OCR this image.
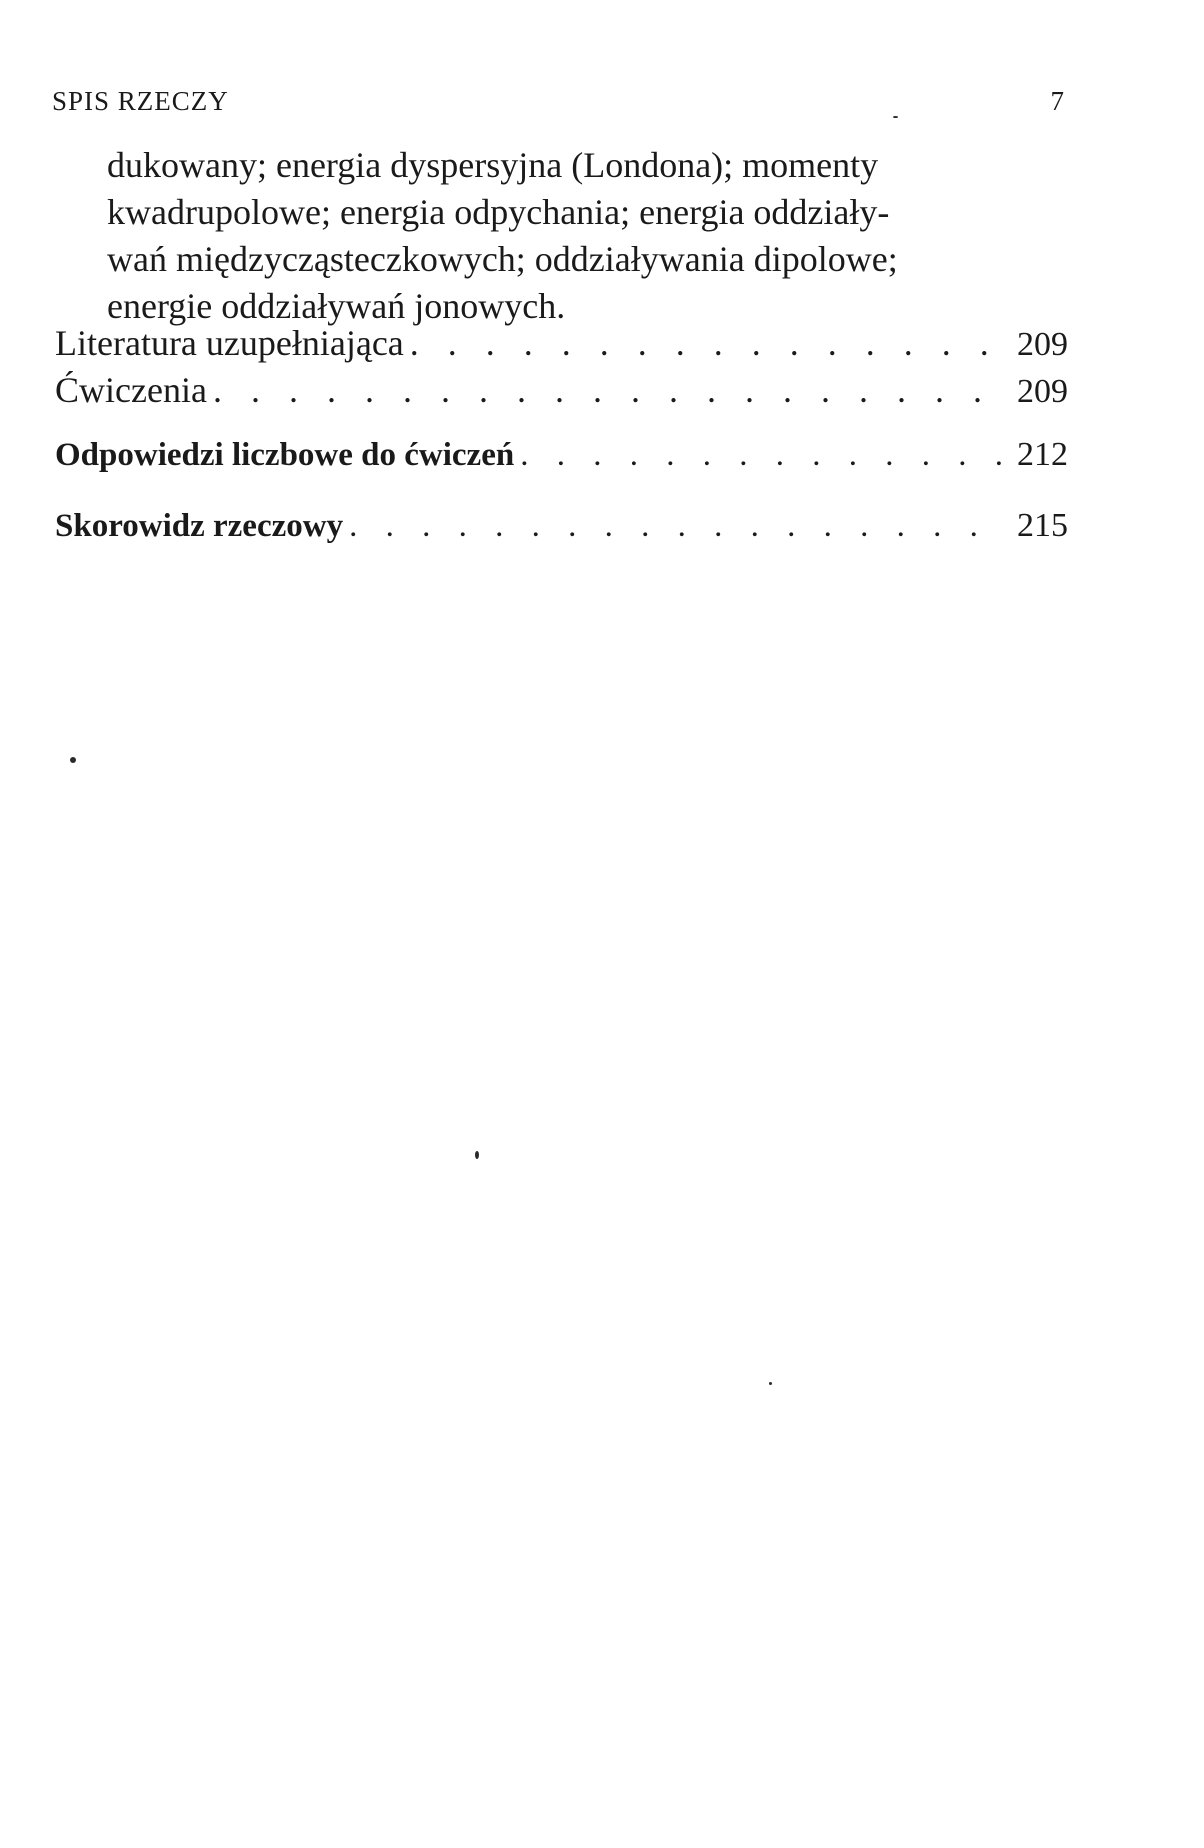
SPIS RZECZY	7

dukowany; energia dyspersyjna (Londona); momenty
kwadrupolowe; energia odpychania; energia oddziały-
wań międzycząsteczkowych; oddziaływania dipolowe;
energie oddziaływań jonowych.

Literatura uzupełniająca . . .	209
Ćwiczenia . . .	209
Odpowiedzi liczbowe do ćwiczeń . . .	212
Skorowidz rzeczowy . . .	215
